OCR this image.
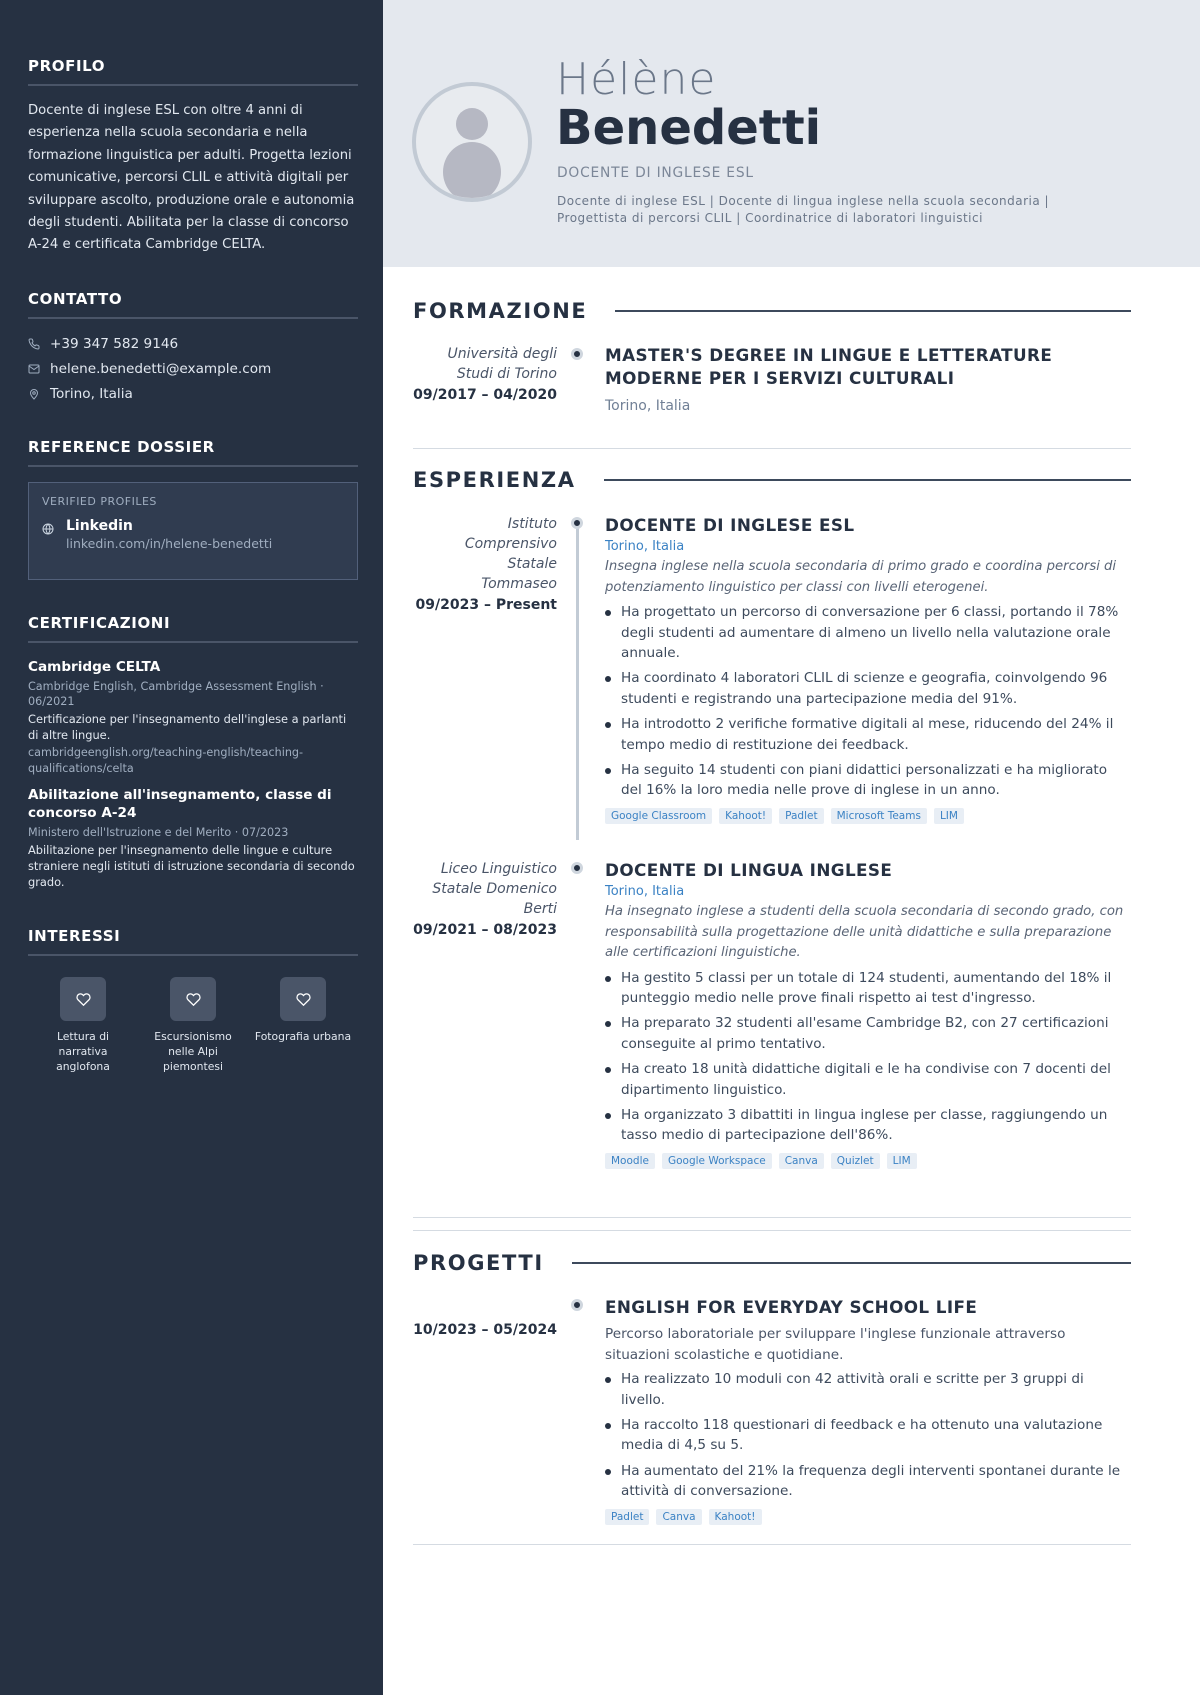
PROFILO

Docente di inglese ESL con oltre 4 anni di esperienza nella scuola secondaria e nella formazione linguistica per adulti. Progetta lezioni comunicative, percorsi CLIL e attività digitali per sviluppare ascolto, produzione orale e autonomia degli studenti. Abilitata per la classe di concorso A-24 e certificata Cambridge CELTA.

CONTATTO
+39 347 582 9146
helene.benedetti@example.com
Torino, Italia
REFERENCE DOSSIER
VERIFIED PROFILES
Linkedin
linkedin.com/in/helene-benedetti
CERTIFICAZIONI
Cambridge CELTA
Cambridge English, Cambridge Assessment English · 06/2021
Certificazione per l'insegnamento dell'inglese a parlanti di altre lingue.
cambridgeenglish.org/teaching-english/teaching-qualifications/celta
Abilitazione all'insegnamento, classe di concorso A-24
Ministero dell'Istruzione e del Merito · 07/2023
Abilitazione per l'insegnamento delle lingue e culture straniere negli istituti di istruzione secondaria di secondo grado.
INTERESSI
Lettura di narrativa anglofona
Escursionismo nelle Alpi piemontesi
Fotografia urbana
Hélène
Benedetti
DOCENTE DI INGLESE ESL
Docente di inglese ESL | Docente di lingua inglese nella scuola secondaria | Progettista di percorsi CLIL | Coordinatrice di laboratori linguistici
FORMAZIONE
Università degli Studi di Torino
09/2017 – 04/2020
MASTER'S DEGREE IN LINGUE E LETTERATURE MODERNE PER I SERVIZI CULTURALI
Torino, Italia
ESPERIENZA
Istituto Comprensivo Statale Tommaseo
09/2023 – Present
DOCENTE DI INGLESE ESL
Torino, Italia
Insegna inglese nella scuola secondaria di primo grado e coordina percorsi di potenziamento linguistico per classi con livelli eterogenei.
Ha progettato un percorso di conversazione per 6 classi, portando il 78% degli studenti ad aumentare di almeno un livello nella valutazione orale annuale.
Ha coordinato 4 laboratori CLIL di scienze e geografia, coinvolgendo 96 studenti e registrando una partecipazione media del 91%.
Ha introdotto 2 verifiche formative digitali al mese, riducendo del 24% il tempo medio di restituzione dei feedback.
Ha seguito 14 studenti con piani didattici personalizzati e ha migliorato del 16% la loro media nelle prove di inglese in un anno.
Google Classroom	Kahoot!	Padlet	Microsoft Teams	LIM
Liceo Linguistico Statale Domenico Berti
09/2021 – 08/2023
DOCENTE DI LINGUA INGLESE
Torino, Italia
Ha insegnato inglese a studenti della scuola secondaria di secondo grado, con responsabilità sulla progettazione delle unità didattiche e sulla preparazione alle certificazioni linguistiche.
Ha gestito 5 classi per un totale di 124 studenti, aumentando del 18% il punteggio medio nelle prove finali rispetto ai test d'ingresso.
Ha preparato 32 studenti all'esame Cambridge B2, con 27 certificazioni conseguite al primo tentativo.
Ha creato 18 unità didattiche digitali e le ha condivise con 7 docenti del dipartimento linguistico.
Ha organizzato 3 dibattiti in lingua inglese per classe, raggiungendo un tasso medio di partecipazione dell'86%.
Moodle	Google Workspace	Canva	Quizlet	LIM
PROGETTI
10/2023 – 05/2024
ENGLISH FOR EVERYDAY SCHOOL LIFE
Percorso laboratoriale per sviluppare l'inglese funzionale attraverso situazioni scolastiche e quotidiane.
Ha realizzato 10 moduli con 42 attività orali e scritte per 3 gruppi di livello.
Ha raccolto 118 questionari di feedback e ha ottenuto una valutazione media di 4,5 su 5.
Ha aumentato del 21% la frequenza degli interventi spontanei durante le attività di conversazione.
Padlet	Canva	Kahoot!
